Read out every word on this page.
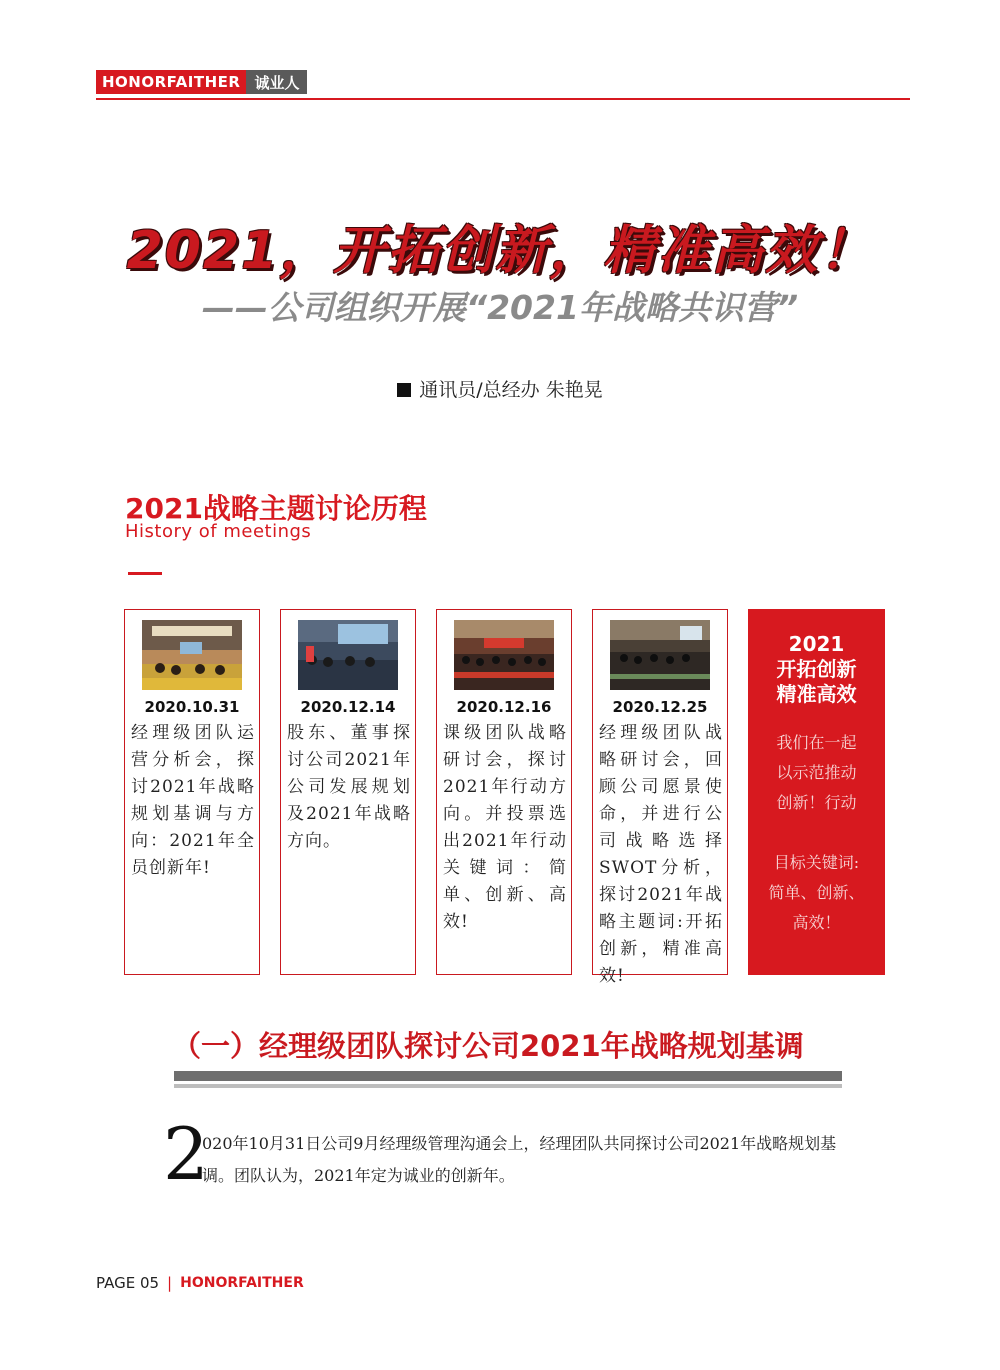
HONORFAITHER 诚业人
2021，开拓创新，精准高效！
——公司组织开展“2021年战略共识营”
通讯员/总经办 朱艳晃
2021战略主题讨论历程
History of meetings
2020.10.31
经理级团队运营分析会，探讨2021年战略规划基调与方向：2021年全员创新年!
2020.12.14
股东、董事探讨公司2021年公司发展规划及2021年战略方向。
2020.12.16
课级团队战略研讨会，探讨2021年行动方向。并投票选出2021年行动关键词：简单、创新、高效!
2020.12.25
经理级团队战略研讨会，回顾公司愿景使命，并进行公司战略选择SWOT分析，探讨2021年战略主题词:开拓创新，精准高效!
2021
开拓创新
精准高效
我们在一起
以示范推动
创新！行动
目标关键词:
简单、创新、
高效！
（一）经理级团队探讨公司2021年战略规划基调
2
020年10月31日公司9月经理级管理沟通会上，经理团队共同探讨公司2021年战略规划基
调。团队认为，2021年定为诚业的创新年。
PAGE 05 | HONORFAITHER
